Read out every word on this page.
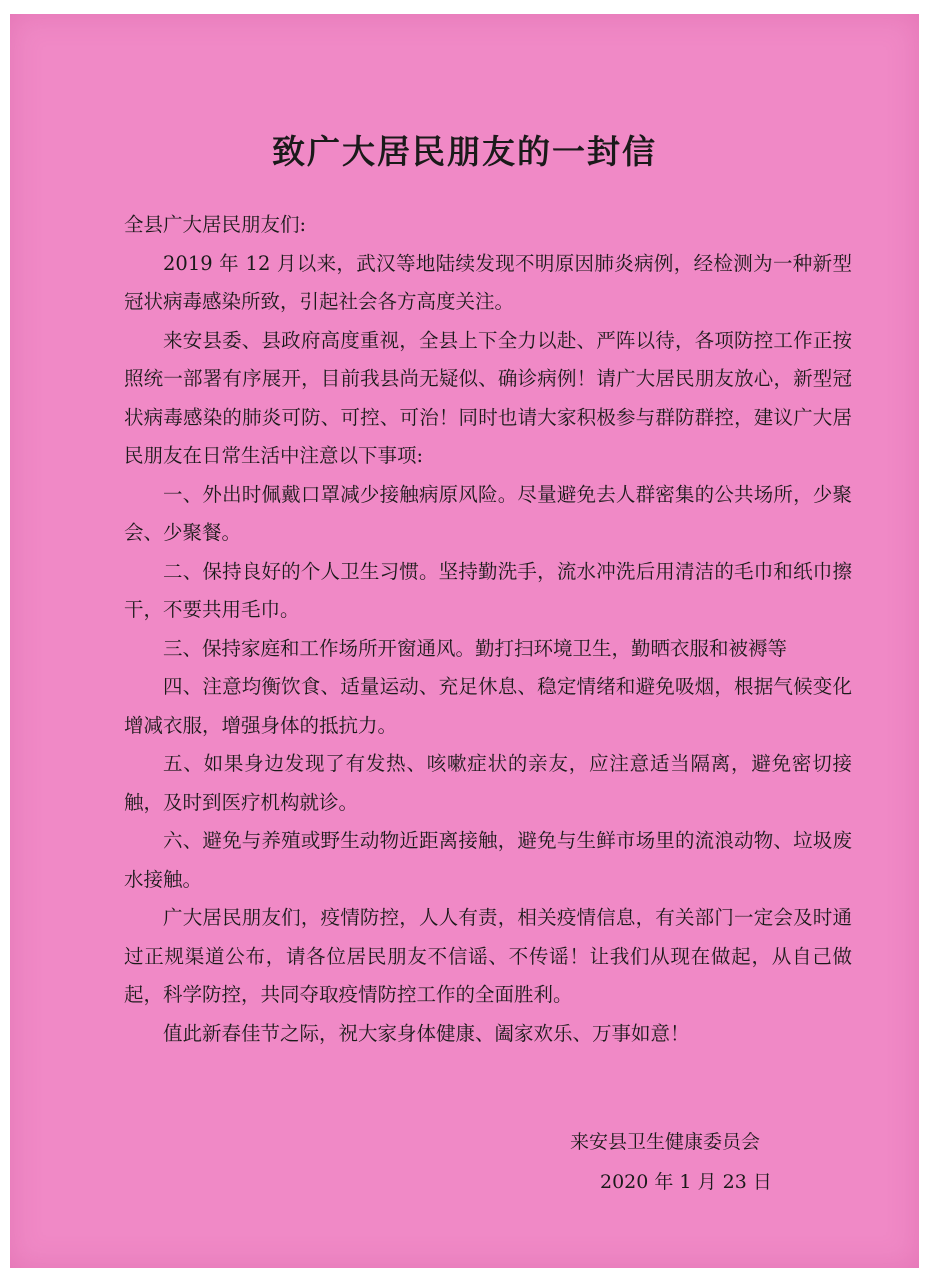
致广大居民朋友的一封信

全县广大居民朋友们:

2019 年 12 月以来，武汉等地陆续发现不明原因肺炎病例，经检测为一种新型冠状病毒感染所致，引起社会各方高度关注。

来安县委、县政府高度重视，全县上下全力以赴、严阵以待，各项防控工作正按照统一部署有序展开，目前我县尚无疑似、确诊病例！请广大居民朋友放心，新型冠状病毒感染的肺炎可防、可控、可治！同时也请大家积极参与群防群控，建议广大居民朋友在日常生活中注意以下事项:

一、外出时佩戴口罩减少接触病原风险。尽量避免去人群密集的公共场所，少聚会、少聚餐。

二、保持良好的个人卫生习惯。坚持勤洗手，流水冲洗后用清洁的毛巾和纸巾擦干，不要共用毛巾。

三、保持家庭和工作场所开窗通风。勤打扫环境卫生，勤晒衣服和被褥等

四、注意均衡饮食、适量运动、充足休息、稳定情绪和避免吸烟，根据气候变化增减衣服，增强身体的抵抗力。

五、如果身边发现了有发热、咳嗽症状的亲友，应注意适当隔离，避免密切接触，及时到医疗机构就诊。

六、避免与养殖或野生动物近距离接触，避免与生鲜市场里的流浪动物、垃圾废水接触。

广大居民朋友们，疫情防控，人人有责，相关疫情信息，有关部门一定会及时通过正规渠道公布，请各位居民朋友不信谣、不传谣！让我们从现在做起，从自己做起，科学防控，共同夺取疫情防控工作的全面胜利。

值此新春佳节之际，祝大家身体健康、阖家欢乐、万事如意！

来安县卫生健康委员会

2020 年 1 月 23 日
